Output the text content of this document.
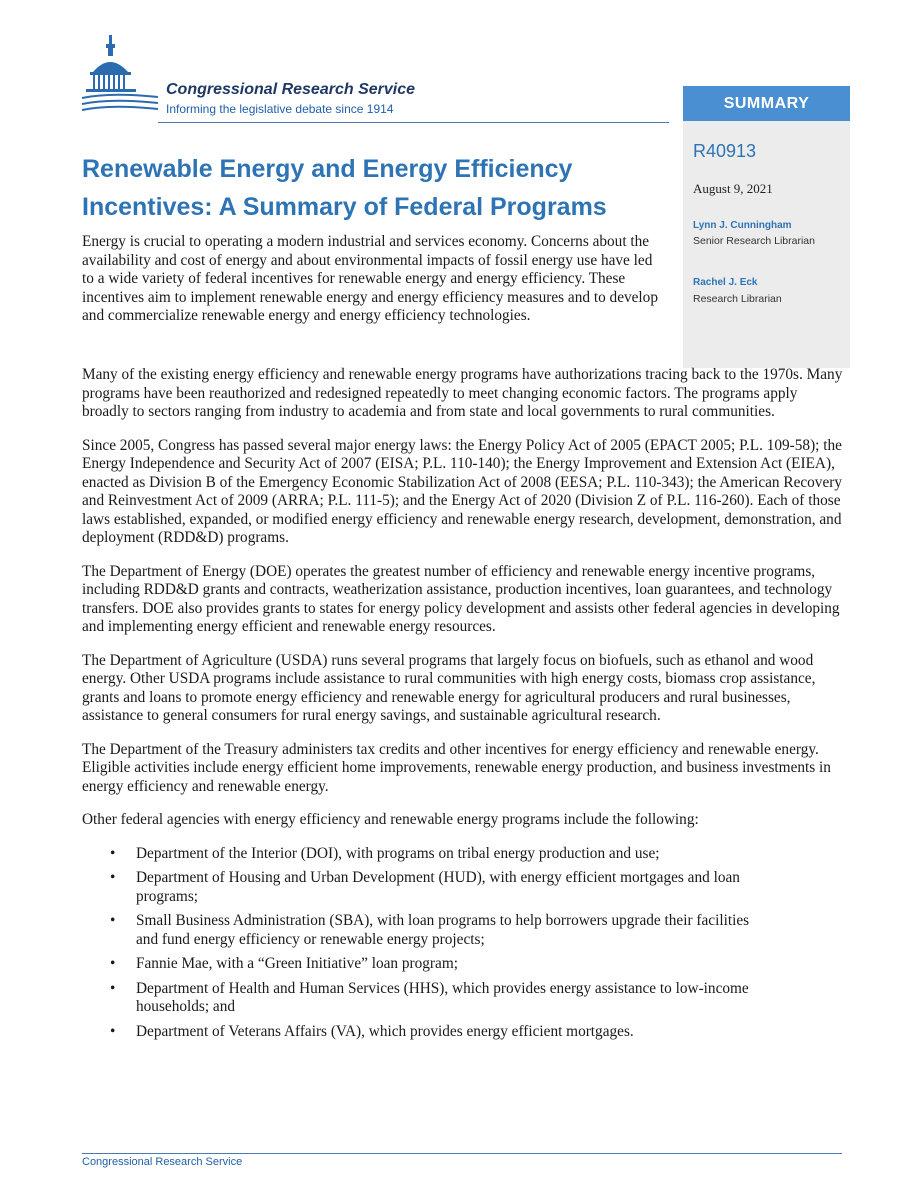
Congressional Research Service

Informing the legislative debate since 1914	SUMMARY
R40913
August 9, 2021
Lynn J. Cunningham
Senior Research Librarian
Rachel J. Eck
Research Librarian
Renewable Energy and Energy Efficiency Incentives: A Summary of Federal Programs

Energy is crucial to operating a modern industrial and services economy. Concerns about the availability and cost of energy and about environmental impacts of fossil energy use have led to a wide variety of federal incentives for renewable energy and energy efficiency. These incentives aim to implement renewable energy and energy efficiency measures and to develop and commercialize renewable energy and energy efficiency technologies.

Many of the existing energy efficiency and renewable energy programs have authorizations tracing back to the 1970s. Many programs have been reauthorized and redesigned repeatedly to meet changing economic factors. The programs apply broadly to sectors ranging from industry to academia and from state and local governments to rural communities.

Since 2005, Congress has passed several major energy laws: the Energy Policy Act of 2005 (EPACT 2005; P.L. 109-58); the Energy Independence and Security Act of 2007 (EISA; P.L. 110-140); the Energy Improvement and Extension Act (EIEA), enacted as Division B of the Emergency Economic Stabilization Act of 2008 (EESA; P.L. 110-343); the American Recovery and Reinvestment Act of 2009 (ARRA; P.L. 111-5); and the Energy Act of 2020 (Division Z of P.L. 116-260). Each of those laws established, expanded, or modified energy efficiency and renewable energy research, development, demonstration, and deployment (RDD&D) programs.

The Department of Energy (DOE) operates the greatest number of efficiency and renewable energy incentive programs, including RDD&D grants and contracts, weatherization assistance, production incentives, loan guarantees, and technology transfers. DOE also provides grants to states for energy policy development and assists other federal agencies in developing and implementing energy efficient and renewable energy resources.

The Department of Agriculture (USDA) runs several programs that largely focus on biofuels, such as ethanol and wood energy. Other USDA programs include assistance to rural communities with high energy costs, biomass crop assistance, grants and loans to promote energy efficiency and renewable energy for agricultural producers and rural businesses, assistance to general consumers for rural energy savings, and sustainable agricultural research.

The Department of the Treasury administers tax credits and other incentives for energy efficiency and renewable energy. Eligible activities include energy efficient home improvements, renewable energy production, and business investments in energy efficiency and renewable energy.

Other federal agencies with energy efficiency and renewable energy programs include the following:

• Department of the Interior (DOI), with programs on tribal energy production and use;
• Department of Housing and Urban Development (HUD), with energy efficient mortgages and loan programs;
• Small Business Administration (SBA), with loan programs to help borrowers upgrade their facilities and fund energy efficiency or renewable energy projects;
• Fannie Mae, with a “Green Initiative” loan program;
• Department of Health and Human Services (HHS), which provides energy assistance to low-income households; and
• Department of Veterans Affairs (VA), which provides energy efficient mortgages.
Congressional Research Service
